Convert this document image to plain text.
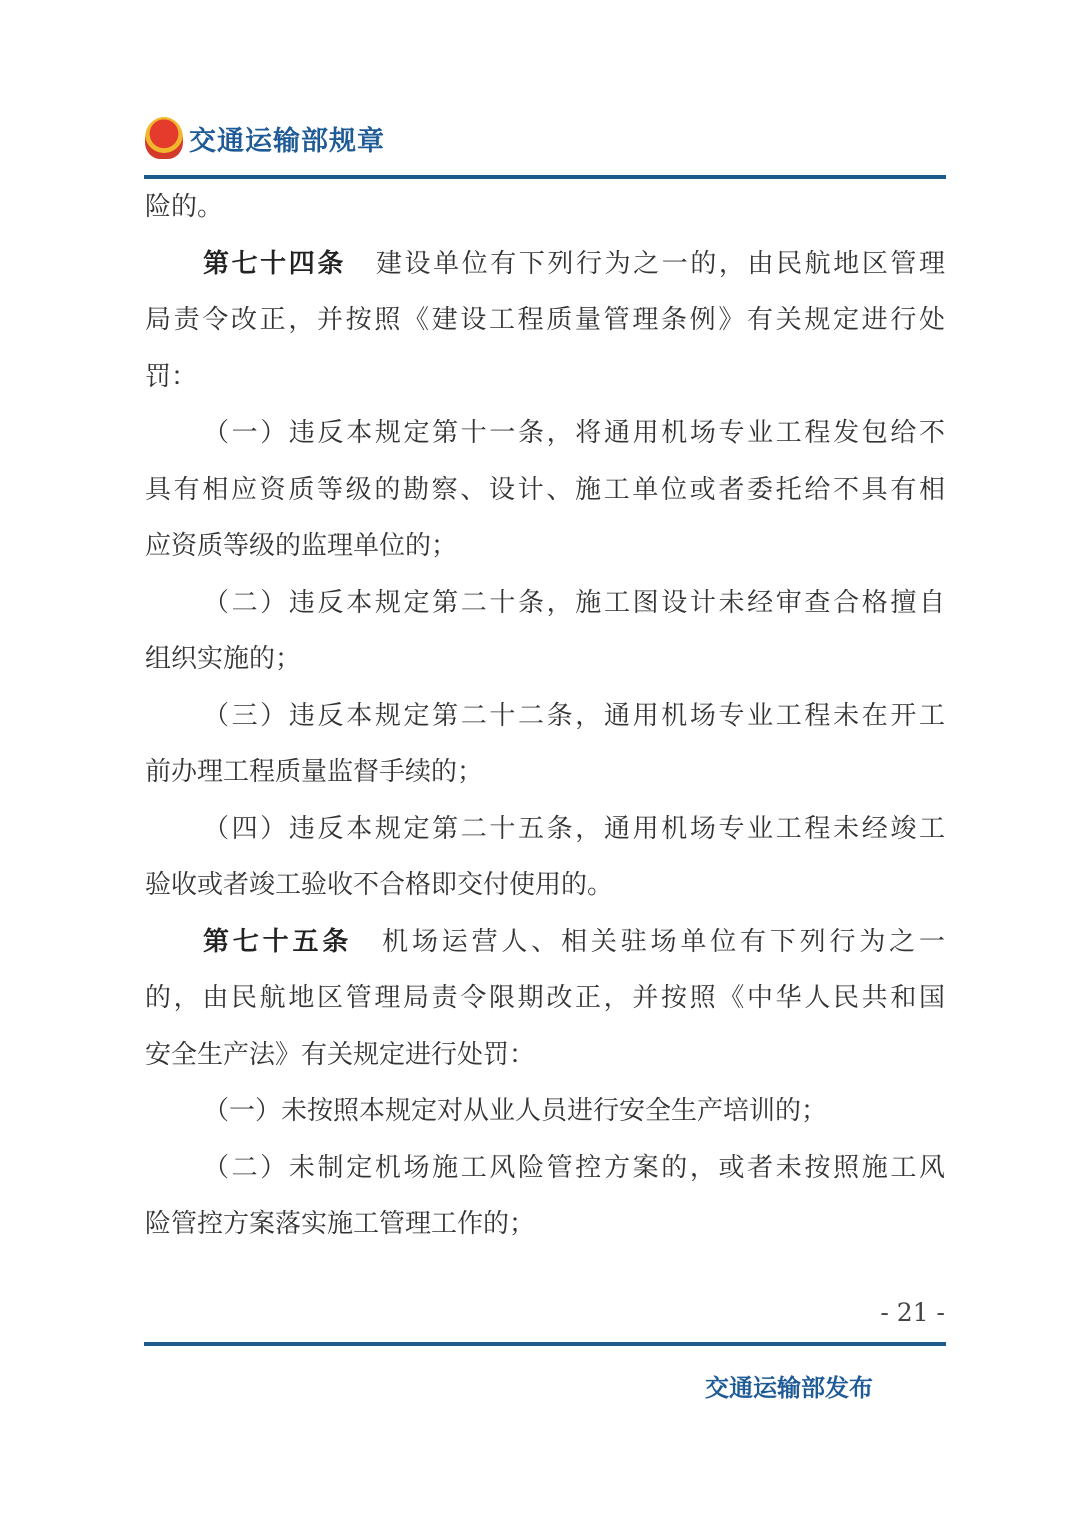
交通运输部规章
险的。
第七十四条 建设单位有下列行为之一的，由民航地区管理
局责令改正，并按照《建设工程质量管理条例》有关规定进行处
罚：
（一）违反本规定第十一条，将通用机场专业工程发包给不
具有相应资质等级的勘察、设计、施工单位或者委托给不具有相
应资质等级的监理单位的；
（二）违反本规定第二十条，施工图设计未经审查合格擅自
组织实施的；
（三）违反本规定第二十二条，通用机场专业工程未在开工
前办理工程质量监督手续的；
（四）违反本规定第二十五条，通用机场专业工程未经竣工
验收或者竣工验收不合格即交付使用的。
第七十五条 机场运营人、相关驻场单位有下列行为之一
的，由民航地区管理局责令限期改正，并按照《中华人民共和国
安全生产法》有关规定进行处罚：
（一）未按照本规定对从业人员进行安全生产培训的；
（二）未制定机场施工风险管控方案的，或者未按照施工风
险管控方案落实施工管理工作的；
- 21 -
交通运输部发布
